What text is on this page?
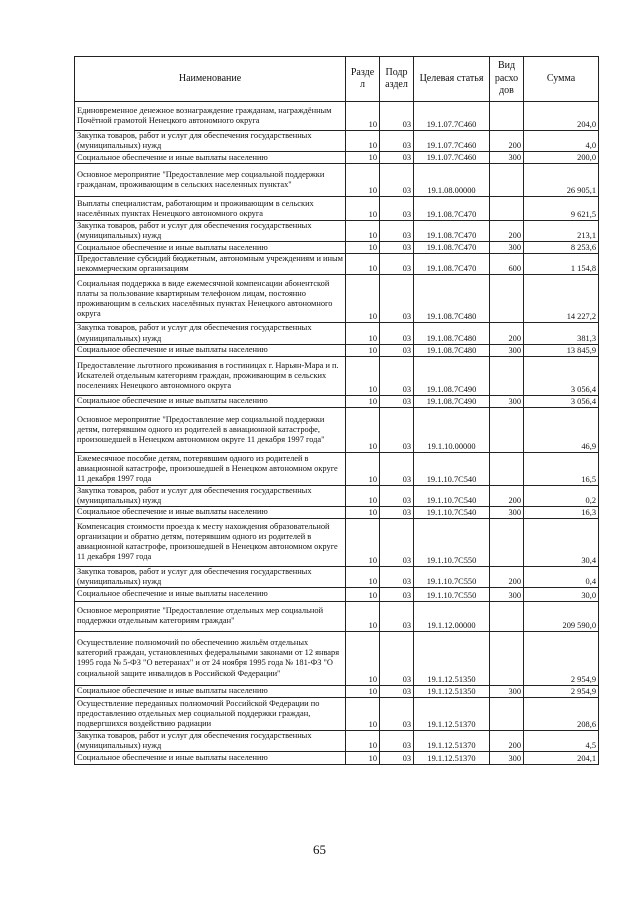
Наименование	Разде л	Подр аздел	Целевая статья	Вид расхо дов	Сумма
Единовременное денежное вознаграждение гражданам, награждённым Почётной грамотой Ненецкого автономного округа	10	03	19.1.07.7С460		204,0
Закупка товаров, работ и услуг для обеспечения государственных (муниципальных) нужд	10	03	19.1.07.7С460	200	4,0
Социальное обеспечение и иные выплаты населению	10	03	19.1.07.7С460	300	200,0
Основное мероприятие "Предоставление мер социальной поддержки гражданам, проживающим в сельских населенных пунктах"	10	03	19.1.08.00000		26 905,1
Выплаты специалистам, работающим и проживающим в сельских населённых пунктах Ненецкого автономного округа	10	03	19.1.08.7С470		9 621,5
Закупка товаров, работ и услуг для обеспечения государственных (муниципальных) нужд	10	03	19.1.08.7С470	200	213,1
Социальное обеспечение и иные выплаты населению	10	03	19.1.08.7С470	300	8 253,6
Предоставление субсидий бюджетным, автономным учреждениям и иным некоммерческим организациям	10	03	19.1.08.7С470	600	1 154,8
Социальная поддержка в виде ежемесячной компенсации абонентской платы за пользование квартирным телефоном лицам, постоянно проживающим в сельских населённых пунктах Ненецкого автономного округа	10	03	19.1.08.7С480		14 227,2
Закупка товаров, работ и услуг для обеспечения государственных (муниципальных) нужд	10	03	19.1.08.7С480	200	381,3
Социальное обеспечение и иные выплаты населению	10	03	19.1.08.7С480	300	13 845,9
Предоставление льготного проживания в гостиницах г. Нарьян-Мара и п. Искателей отдельным категориям граждан, проживающим в сельских поселениях Ненецкого автономного округа	10	03	19.1.08.7С490		3 056,4
Социальное обеспечение и иные выплаты населению	10	03	19.1.08.7С490	300	3 056,4
Основное мероприятие "Предоставление мер социальной поддержки детям, потерявшим одного из родителей в авиационной катастрофе, произошедшей в Ненецком автономном округе 11 декабря 1997 года"	10	03	19.1.10.00000		46,9
Ежемесячное пособие детям, потерявшим одного из родителей в авиационной катастрофе, произошедшей в Ненецком автономном округе 11 декабря 1997 года	10	03	19.1.10.7С540		16,5
Закупка товаров, работ и услуг для обеспечения государственных (муниципальных) нужд	10	03	19.1.10.7С540	200	0,2
Социальное обеспечение и иные выплаты населению	10	03	19.1.10.7С540	300	16,3
Компенсация стоимости проезда к месту нахождения образовательной организации и обратно детям, потерявшим одного из родителей в авиационной катастрофе, произошедшей в Ненецком автономном округе 11 декабря 1997 года	10	03	19.1.10.7С550		30,4
Закупка товаров, работ и услуг для обеспечения государственных (муниципальных) нужд	10	03	19.1.10.7С550	200	0,4
Социальное обеспечение и иные выплаты населению	10	03	19.1.10.7С550	300	30,0
Основное мероприятие "Предоставление отдельных мер социальной поддержки отдельным категориям граждан"	10	03	19.1.12.00000		209 590,0
Осуществление полномочий по обеспечению жильём отдельных категорий граждан, установленных федеральными законами от 12 января 1995 года № 5-ФЗ "О ветеранах" и от 24 ноября 1995 года № 181-ФЗ "О социальной защите инвалидов в Российской Федерации"	10	03	19.1.12.51350		2 954,9
Социальное обеспечение и иные выплаты населению	10	03	19.1.12.51350	300	2 954,9
Осуществление переданных полномочий Российской Федерации по предоставлению отдельных мер социальной поддержки граждан, подвергшихся воздействию радиации	10	03	19.1.12.51370		208,6
Закупка товаров, работ и услуг для обеспечения государственных (муниципальных) нужд	10	03	19.1.12.51370	200	4,5
Социальное обеспечение и иные выплаты населению	10	03	19.1.12.51370	300	204,1
65
